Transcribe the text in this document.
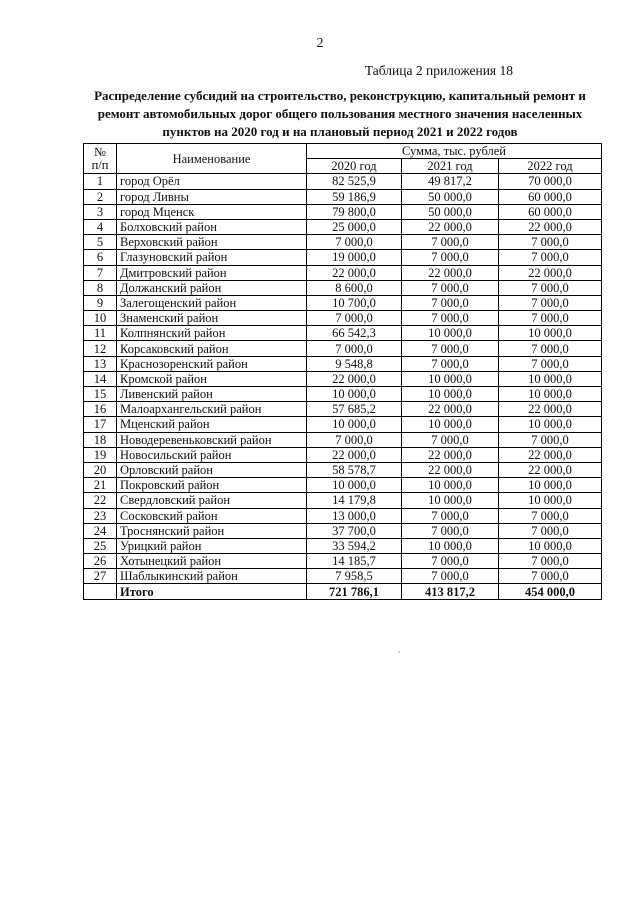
2
Таблица 2 приложения 18
Распределение субсидий на строительство, реконструкцию, капитальный ремонт и
ремонт автомобильных дорог общего пользования местного значения населенных
пунктов на 2020 год и на плановый период 2021 и 2022 годов
№
п/п	Наименование	Сумма, тыс. рублей		
		2020 год	2021 год	2022 год
1	город Орёл	82 525,9	49 817,2	70 000,0
2	город Ливны	59 186,9	50 000,0	60 000,0
3	город Мценск	79 800,0	50 000,0	60 000,0
4	Болховский район	25 000,0	22 000,0	22 000,0
5	Верховский район	7 000,0	7 000,0	7 000,0
6	Глазуновский район	19 000,0	7 000,0	7 000,0
7	Дмитровский район	22 000,0	22 000,0	22 000,0
8	Должанский район	8 600,0	7 000,0	7 000,0
9	Залегощенский район	10 700,0	7 000,0	7 000,0
10	Знаменский район	7 000,0	7 000,0	7 000,0
11	Колпнянский район	66 542,3	10 000,0	10 000,0
12	Корсаковский район	7 000,0	7 000,0	7 000,0
13	Краснозоренский район	9 548,8	7 000,0	7 000,0
14	Кромской район	22 000,0	10 000,0	10 000,0
15	Ливенский район	10 000,0	10 000,0	10 000,0
16	Малоархангельский район	57 685,2	22 000,0	22 000,0
17	Мценский район	10 000,0	10 000,0	10 000,0
18	Новодеревеньковский район	7 000,0	7 000,0	7 000,0
19	Новосильский район	22 000,0	22 000,0	22 000,0
20	Орловский район	58 578,7	22 000,0	22 000,0
21	Покровский район	10 000,0	10 000,0	10 000,0
22	Свердловский район	14 179,8	10 000,0	10 000,0
23	Сосковский район	13 000,0	7 000,0	7 000,0
24	Троснянский район	37 700,0	7 000,0	7 000,0
25	Урицкий район	33 594,2	10 000,0	10 000,0
26	Хотынецкий район	14 185,7	7 000,0	7 000,0
27	Шаблыкинский район	7 958,5	7 000,0	7 000,0
	Итого	721 786,1	413 817,2	454 000,0
